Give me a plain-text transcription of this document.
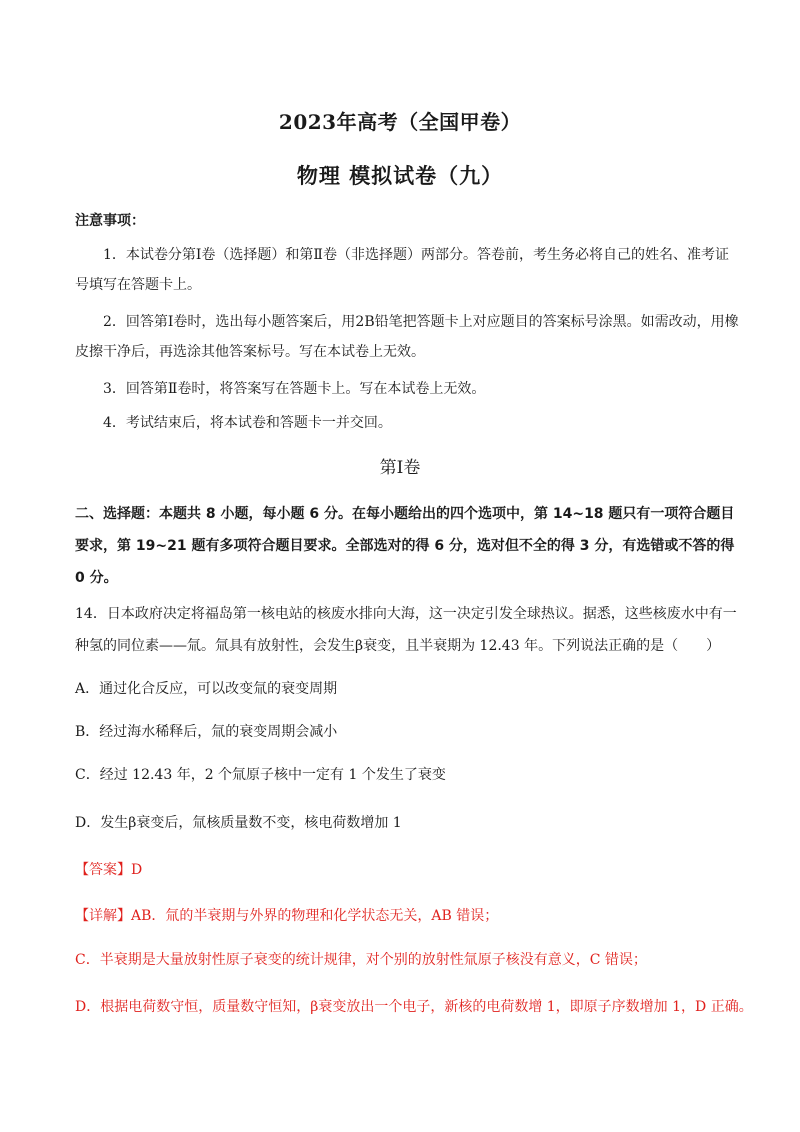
2023年高考（全国甲卷）
物理 模拟试卷（九）
注意事项：
1．本试卷分第Ⅰ卷（选择题）和第Ⅱ卷（非选择题）两部分。答卷前，考生务必将自己的姓名、准考证号填写在答题卡上。
2．回答第Ⅰ卷时，选出每小题答案后，用2B铅笔把答题卡上对应题目的答案标号涂黑。如需改动，用橡皮擦干净后，再选涂其他答案标号。写在本试卷上无效。
3．回答第Ⅱ卷时，将答案写在答题卡上。写在本试卷上无效。
4．考试结束后，将本试卷和答题卡一并交回。
第Ⅰ卷
二、选择题：本题共 8 小题，每小题 6 分。在每小题给出的四个选项中，第 14~18 题只有一项符合题目要求，第 19~21 题有多项符合题目要求。全部选对的得 6 分，选对但不全的得 3 分，有选错或不答的得 0 分。
14．日本政府决定将福岛第一核电站的核废水排向大海，这一决定引发全球热议。据悉，这些核废水中有一种氢的同位素——氚。氚具有放射性，会发生β衰变，且半衰期为 12.43 年。下列说法正确的是（　　）
A．通过化合反应，可以改变氚的衰变周期
B．经过海水稀释后，氚的衰变周期会减小
C．经过 12.43 年，2 个氚原子核中一定有 1 个发生了衰变
D．发生β衰变后，氚核质量数不变，核电荷数增加 1
【答案】D
【详解】AB．氚的半衰期与外界的物理和化学状态无关，AB 错误；
C．半衰期是大量放射性原子衰变的统计规律，对个别的放射性氚原子核没有意义，C 错误；
D．根据电荷数守恒，质量数守恒知，β衰变放出一个电子，新核的电荷数增 1，即原子序数增加 1，D 正确。
